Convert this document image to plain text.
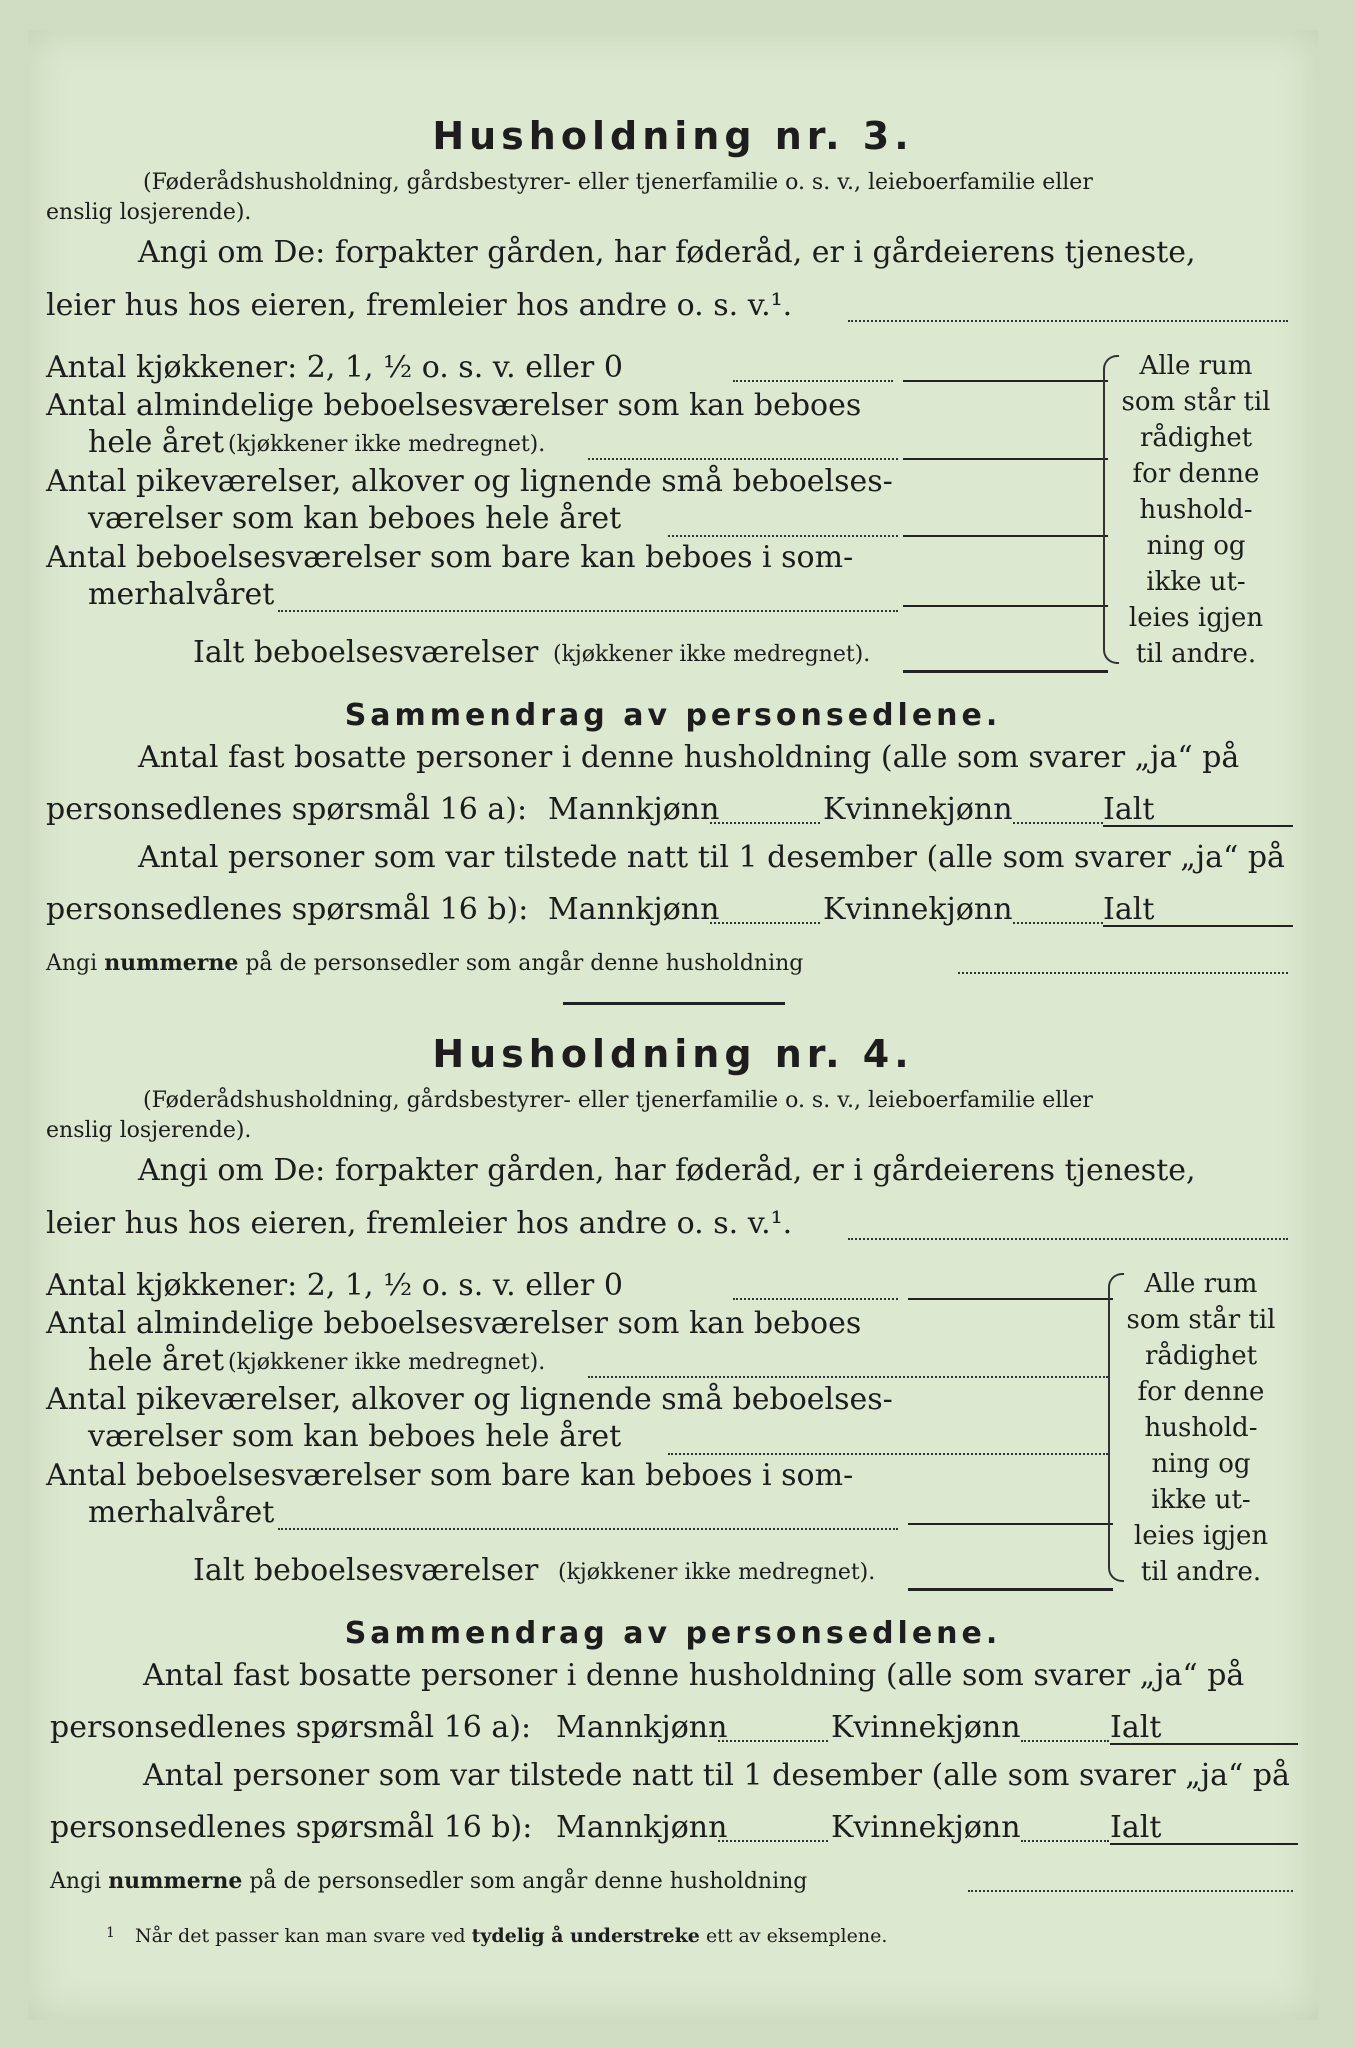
Husholdning nr. 3.
(Føderådshusholdning, gårdsbestyrer- eller tjenerfamilie o. s. v., leieboerfamilie eller
enslig losjerende).
Angi om De: forpakter gården, har føderåd, er i gårdeierens tjeneste,
leier hus hos eieren, fremleier hos andre o. s. v.¹.
Antal kjøkkener: 2, 1, ½ o. s. v. eller 0
Antal almindelige beboelsesværelser som kan beboes
hele året (kjøkkener ikke medregnet).
Antal pikeværelser, alkover og lignende små beboelses-
værelser som kan beboes hele året
Antal beboelsesværelser som bare kan beboes i som-
merhalvåret
Ialt beboelsesværelser (kjøkkener ikke medregnet).
Alle rum
som står til
rådighet
for denne
hushold-
ning og
ikke ut-
leies igjen
til andre.
Sammendrag av personsedlene.
Antal fast bosatte personer i denne husholdning (alle som svarer „ja“ på
personsedlenes spørsmål 16 a): Mannkjønn	Kvinnekjønn	Ialt
Antal personer som var tilstede natt til 1 desember (alle som svarer „ja“ på
personsedlenes spørsmål 16 b): Mannkjønn	Kvinnekjønn	Ialt
Angi nummerne på de personsedler som angår denne husholdning
Husholdning nr. 4.
(Føderådshusholdning, gårdsbestyrer- eller tjenerfamilie o. s. v., leieboerfamilie eller
enslig losjerende).
Angi om De: forpakter gården, har føderåd, er i gårdeierens tjeneste,
leier hus hos eieren, fremleier hos andre o. s. v.¹.
Antal kjøkkener: 2, 1, ½ o. s. v. eller 0
Antal almindelige beboelsesværelser som kan beboes
hele året (kjøkkener ikke medregnet).
Antal pikeværelser, alkover og lignende små beboelses-
værelser som kan beboes hele året
Antal beboelsesværelser som bare kan beboes i som-
merhalvåret
Ialt beboelsesværelser (kjøkkener ikke medregnet).
Alle rum
som står til
rådighet
for denne
hushold-
ning og
ikke ut-
leies igjen
til andre.
Sammendrag av personsedlene.
Antal fast bosatte personer i denne husholdning (alle som svarer „ja“ på
personsedlenes spørsmål 16 a): Mannkjønn	Kvinnekjønn	Ialt
Antal personer som var tilstede natt til 1 desember (alle som svarer „ja“ på
personsedlenes spørsmål 16 b): Mannkjønn	Kvinnekjønn	Ialt
Angi nummerne på de personsedler som angår denne husholdning
$^1$ Når det passer kan man svare ved tydelig å understreke ett av eksemplene.
